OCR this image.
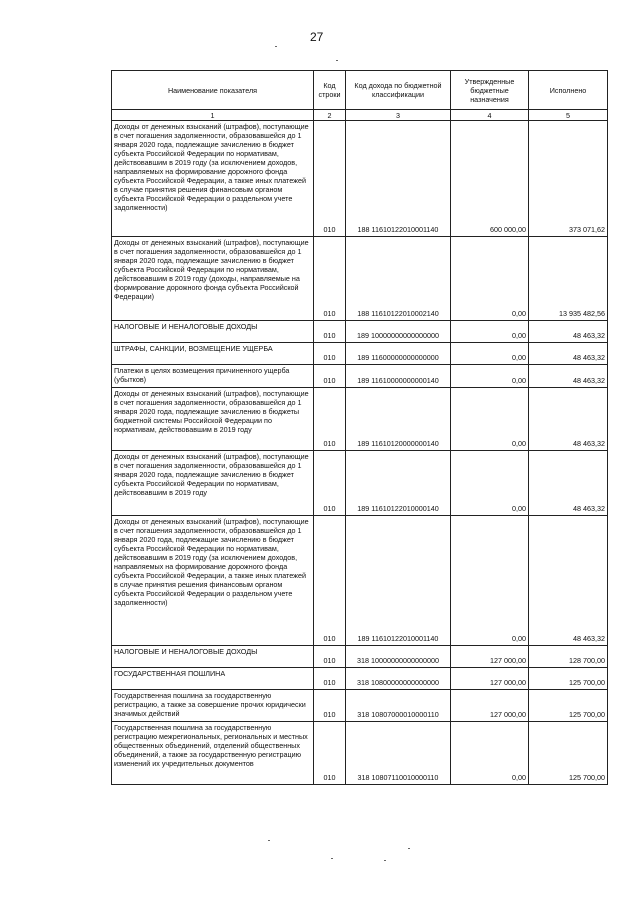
27
Наименование показателя	Код строки	Код дохода по бюджетной классификации	Утвержденные бюджетные назначения	Исполнено
1	2	3	4	5
Доходы от денежных взысканий (штрафов), поступающие в счет погашения задолженности, образовавшейся до 1 января 2020 года, подлежащие зачислению в бюджет субъекта Российской Федерации по нормативам, действовавшим в 2019 году (за исключением доходов, направляемых на формирование дорожного фонда субъекта Российской Федерации, а также иных платежей в случае принятия решения финансовым органом субъекта Российской Федерации о раздельном учете задолженности)	010	188 11610122010001140	600 000,00	373 071,62
Доходы от денежных взысканий (штрафов), поступающие в счет погашения задолженности, образовавшейся до 1 января 2020 года, подлежащие зачислению в бюджет субъекта Российской Федерации по нормативам, действовавшим в 2019 году (доходы, направляемые на формирование дорожного фонда субъекта Российской Федерации)	010	188 11610122010002140	0,00	13 935 482,56
НАЛОГОВЫЕ И НЕНАЛОГОВЫЕ ДОХОДЫ	010	189 10000000000000000	0,00	48 463,32
ШТРАФЫ, САНКЦИИ, ВОЗМЕЩЕНИЕ УЩЕРБА	010	189 11600000000000000	0,00	48 463,32
Платежи в целях возмещения причиненного ущерба (убытков)	010	189 11610000000000140	0,00	48 463,32
Доходы от денежных взысканий (штрафов), поступающие в счет погашения задолженности, образовавшейся до 1 января 2020 года, подлежащие зачислению в бюджеты бюджетной системы Российской Федерации по нормативам, действовавшим в 2019 году	010	189 11610120000000140	0,00	48 463,32
Доходы от денежных взысканий (штрафов), поступающие в счет погашения задолженности, образовавшейся до 1 января 2020 года, подлежащие зачислению в бюджет субъекта Российской Федерации по нормативам, действовавшим в 2019 году	010	189 11610122010000140	0,00	48 463,32
Доходы от денежных взысканий (штрафов), поступающие в счет погашения задолженности, образовавшейся до 1 января 2020 года, подлежащие зачислению в бюджет субъекта Российской Федерации по нормативам, действовавшим в 2019 году (за исключением доходов, направляемых на формирование дорожного фонда субъекта Российской Федерации, а также иных платежей в случае принятия решения финансовым органом субъекта Российской Федерации о раздельном учете задолженности)	010	189 11610122010001140	0,00	48 463,32
НАЛОГОВЫЕ И НЕНАЛОГОВЫЕ ДОХОДЫ	010	318 10000000000000000	127 000,00	128 700,00
ГОСУДАРСТВЕННАЯ ПОШЛИНА	010	318 10800000000000000	127 000,00	125 700,00
Государственная пошлина за государственную регистрацию, а также за совершение прочих юридически значимых действий	010	318 10807000010000110	127 000,00	125 700,00
Государственная пошлина за государственную регистрацию межрегиональных, региональных и местных общественных объединений, отделений общественных объединений, а также за государственную регистрацию изменений их учредительных документов	010	318 10807110010000110	0,00	125 700,00
